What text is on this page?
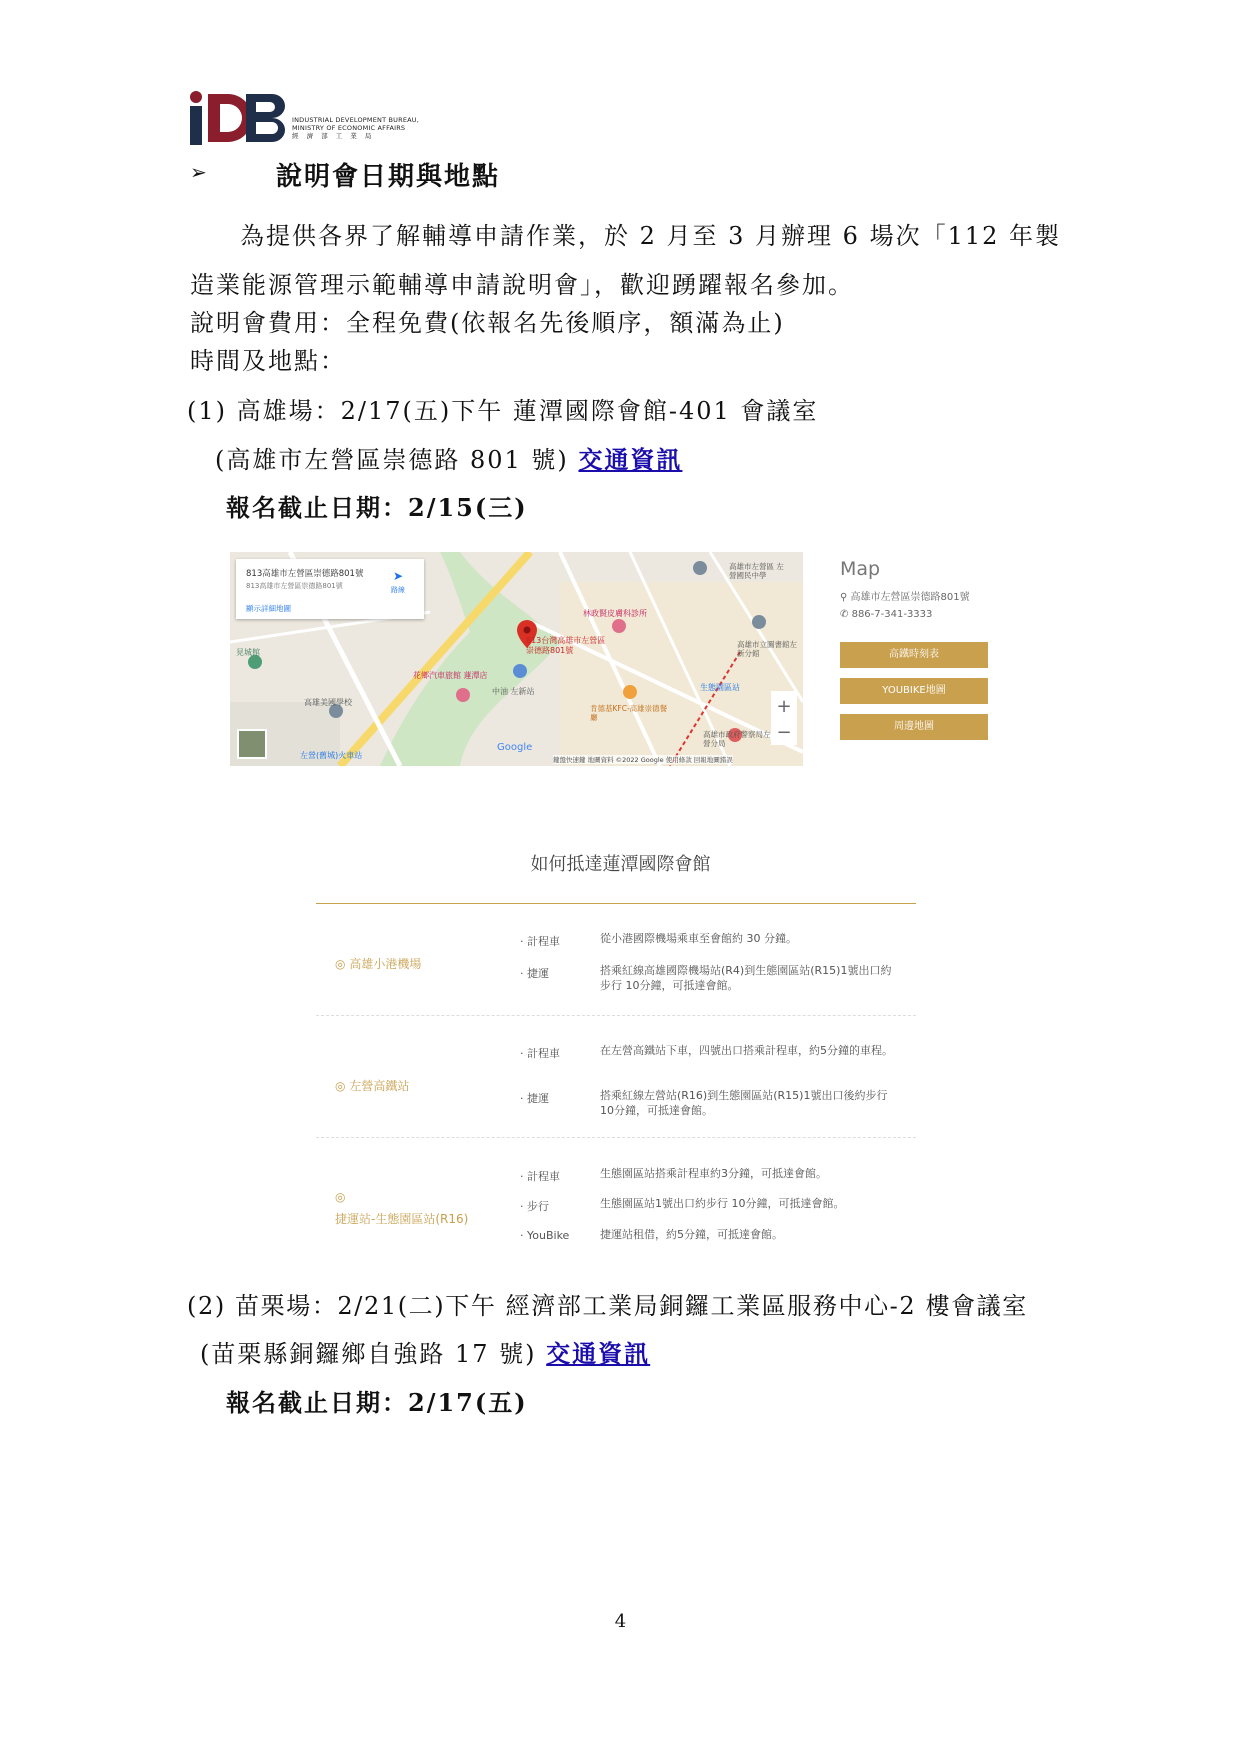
INDUSTRIAL DEVELOPMENT BUREAU,
MINISTRY OF ECONOMIC AFFAIRS
經 濟 部 工 業 局
➢	說明會日期與地點
為提供各界了解輔導申請作業，於 2 月至 3 月辦理 6 場次「112 年製
造業能源管理示範輔導申請說明會」，歡迎踴躍報名參加。
說明會費用：全程免費(依報名先後順序，額滿為止)
時間及地點：
(1) 高雄場：2/17(五)下午 蓮潭國際會館-401 會議室
(高雄市左營區崇德路 801 號) 交通資訊
報名截止日期：2/15(三)
+
−
813高雄市左營區崇德路801號
813高雄市左營區崇德路801號
顯示詳細地圖
➤
路線
813台灣高雄市左營區崇德路801號
高雄美國學校
見城館
花鄉汽車旅館 蓮潭店
中油 左新站
林政賢皮膚科診所
生態園區站
高雄市左營區 左營國民中學
高雄市立圖書館左新分館
肯德基KFC-高雄崇德餐廳
高雄市政府警察局左營分局
左營(舊城)火車站
Google
鍵盤快速鍵 地圖資料 ©2022 Google 使用條款 回報地圖錯誤
Map
⚲ 高雄市左營區崇德路801號
✆ 886-7-341-3333
高鐵時刻表
YOUBIKE地圖
周邊地圖
如何抵達蓮潭國際會館
◎ 高雄小港機場
· 計程車	從小港國際機場乘車至會館約 30 分鐘。
· 捷運	搭乘紅線高雄國際機場站(R4)到生態園區站(R15)1號出口約步行 10分鐘，可抵達會館。
◎ 左營高鐵站
· 計程車	在左營高鐵站下車，四號出口搭乘計程車，約5分鐘的車程。
· 捷運	搭乘紅線左營站(R16)到生態園區站(R15)1號出口後約步行 10分鐘，可抵達會館。
◎
捷運站-生態園區站(R16)
· 計程車	生態園區站搭乘計程車約3分鐘，可抵達會館。
· 步行	生態園區站1號出口約步行 10分鐘，可抵達會館。
· YouBike	捷運站租借，約5分鐘，可抵達會館。
(2) 苗栗場：2/21(二)下午 經濟部工業局銅鑼工業區服務中心-2 樓會議室
(苗栗縣銅鑼鄉自強路 17 號) 交通資訊
報名截止日期：2/17(五)
4
